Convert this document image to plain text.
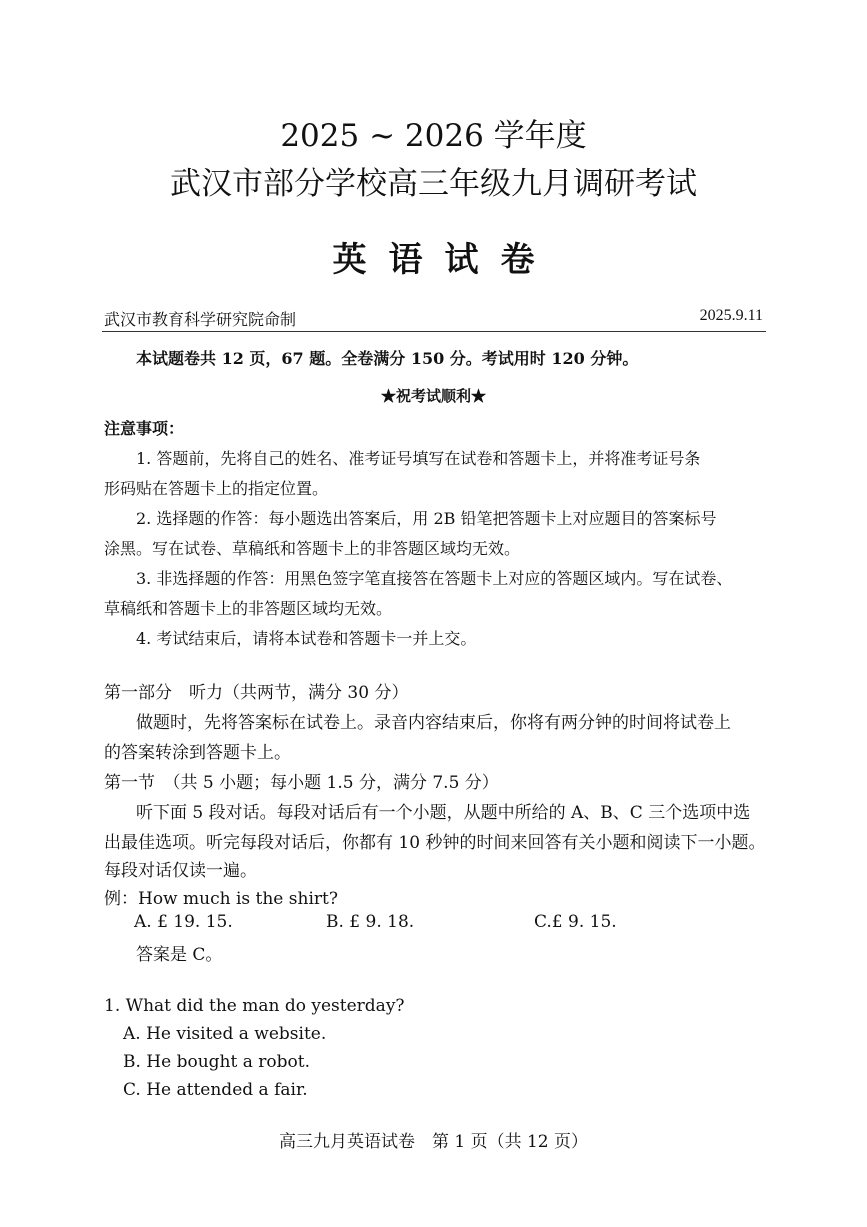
2025 ~ 2026 学年度
武汉市部分学校高三年级九月调研考试
英语试卷
武汉市教育科学研究院命制	2025.9.11
本试题卷共 12 页，67 题。全卷满分 150 分。考试用时 120 分钟。
★祝考试顺利★
注意事项：
1. 答题前，先将自己的姓名、准考证号填写在试卷和答题卡上，并将准考证号条
形码贴在答题卡上的指定位置。
2. 选择题的作答：每小题选出答案后，用 2B 铅笔把答题卡上对应题目的答案标号
涂黑。写在试卷、草稿纸和答题卡上的非答题区域均无效。
3. 非选择题的作答：用黑色签字笔直接答在答题卡上对应的答题区域内。写在试卷、
草稿纸和答题卡上的非答题区域均无效。
4. 考试结束后，请将本试卷和答题卡一并上交。
第一部分　听力（共两节，满分 30 分）
做题时，先将答案标在试卷上。录音内容结束后，你将有两分钟的时间将试卷上
的答案转涂到答题卡上。
第一节　（共 5 小题；每小题 1.5 分，满分 7.5 分）
听下面 5 段对话。每段对话后有一个小题，从题中所给的 A、B、C 三个选项中选
出最佳选项。听完每段对话后，你都有 10 秒钟的时间来回答有关小题和阅读下一小题。
每段对话仅读一遍。
例：How much is the shirt?
A. £ 19. 15.	B. £ 9. 18.	C.£ 9. 15.
答案是 C。
1. What did the man do yesterday?
A. He visited a website.
B. He bought a robot.
C. He attended a fair.
高三九月英语试卷　第 1 页（共 12 页）
